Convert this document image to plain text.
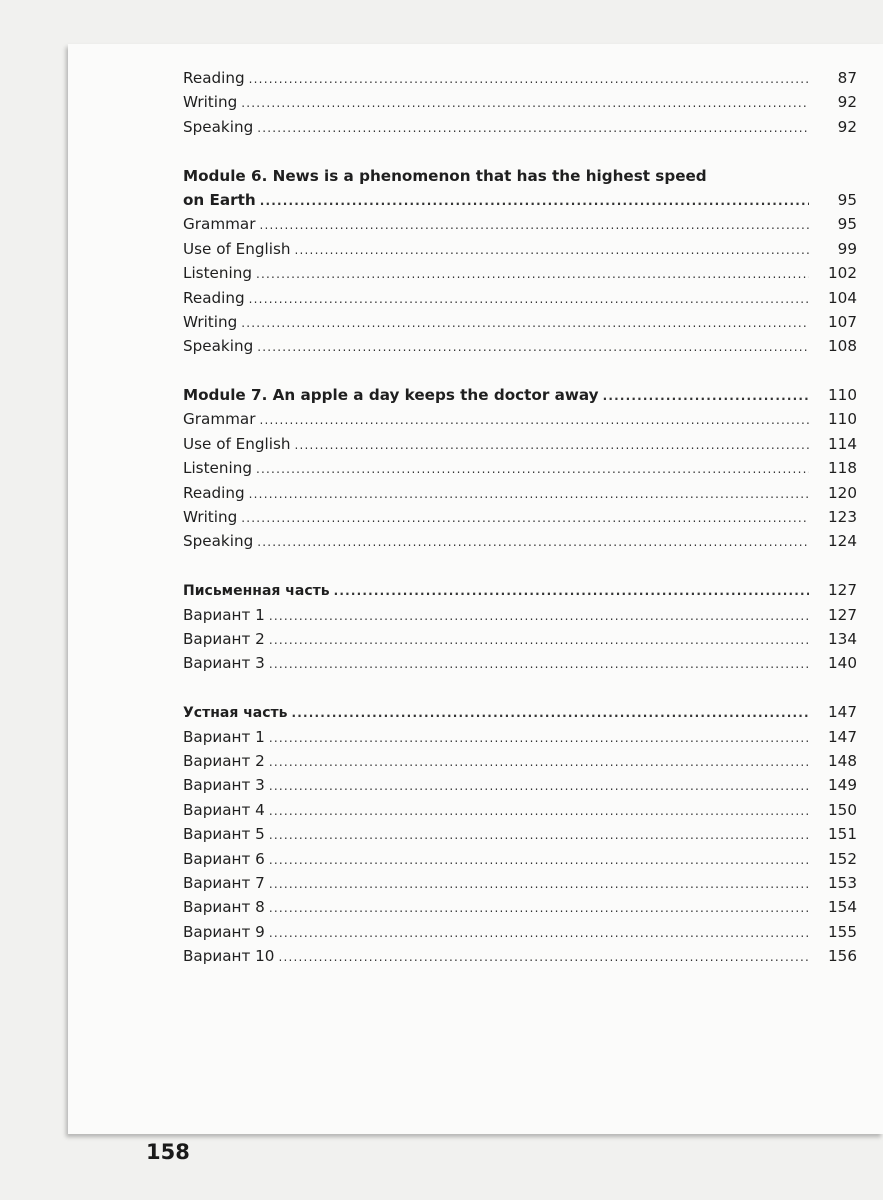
Reading .....	87
Writing .....	92
Speaking .....	92
Module 6. News is a phenomenon that has the highest speed
on Earth .....	95
Grammar .....	95
Use of English .....	99
Listening .....	102
Reading .....	104
Writing .....	107
Speaking .....	108
Module 7. An apple a day keeps the doctor away .....	110
Grammar .....	110
Use of English .....	114
Listening .....	118
Reading .....	120
Writing .....	123
Speaking .....	124
Письменная часть .....	127
Вариант 1 .....	127
Вариант 2 .....	134
Вариант 3 .....	140
Устная часть .....	147
Вариант 1 .....	147
Вариант 2 .....	148
Вариант 3 .....	149
Вариант 4 .....	150
Вариант 5 .....	151
Вариант 6 .....	152
Вариант 7 .....	153
Вариант 8 .....	154
Вариант 9 .....	155
Вариант 10 .....	156
158
